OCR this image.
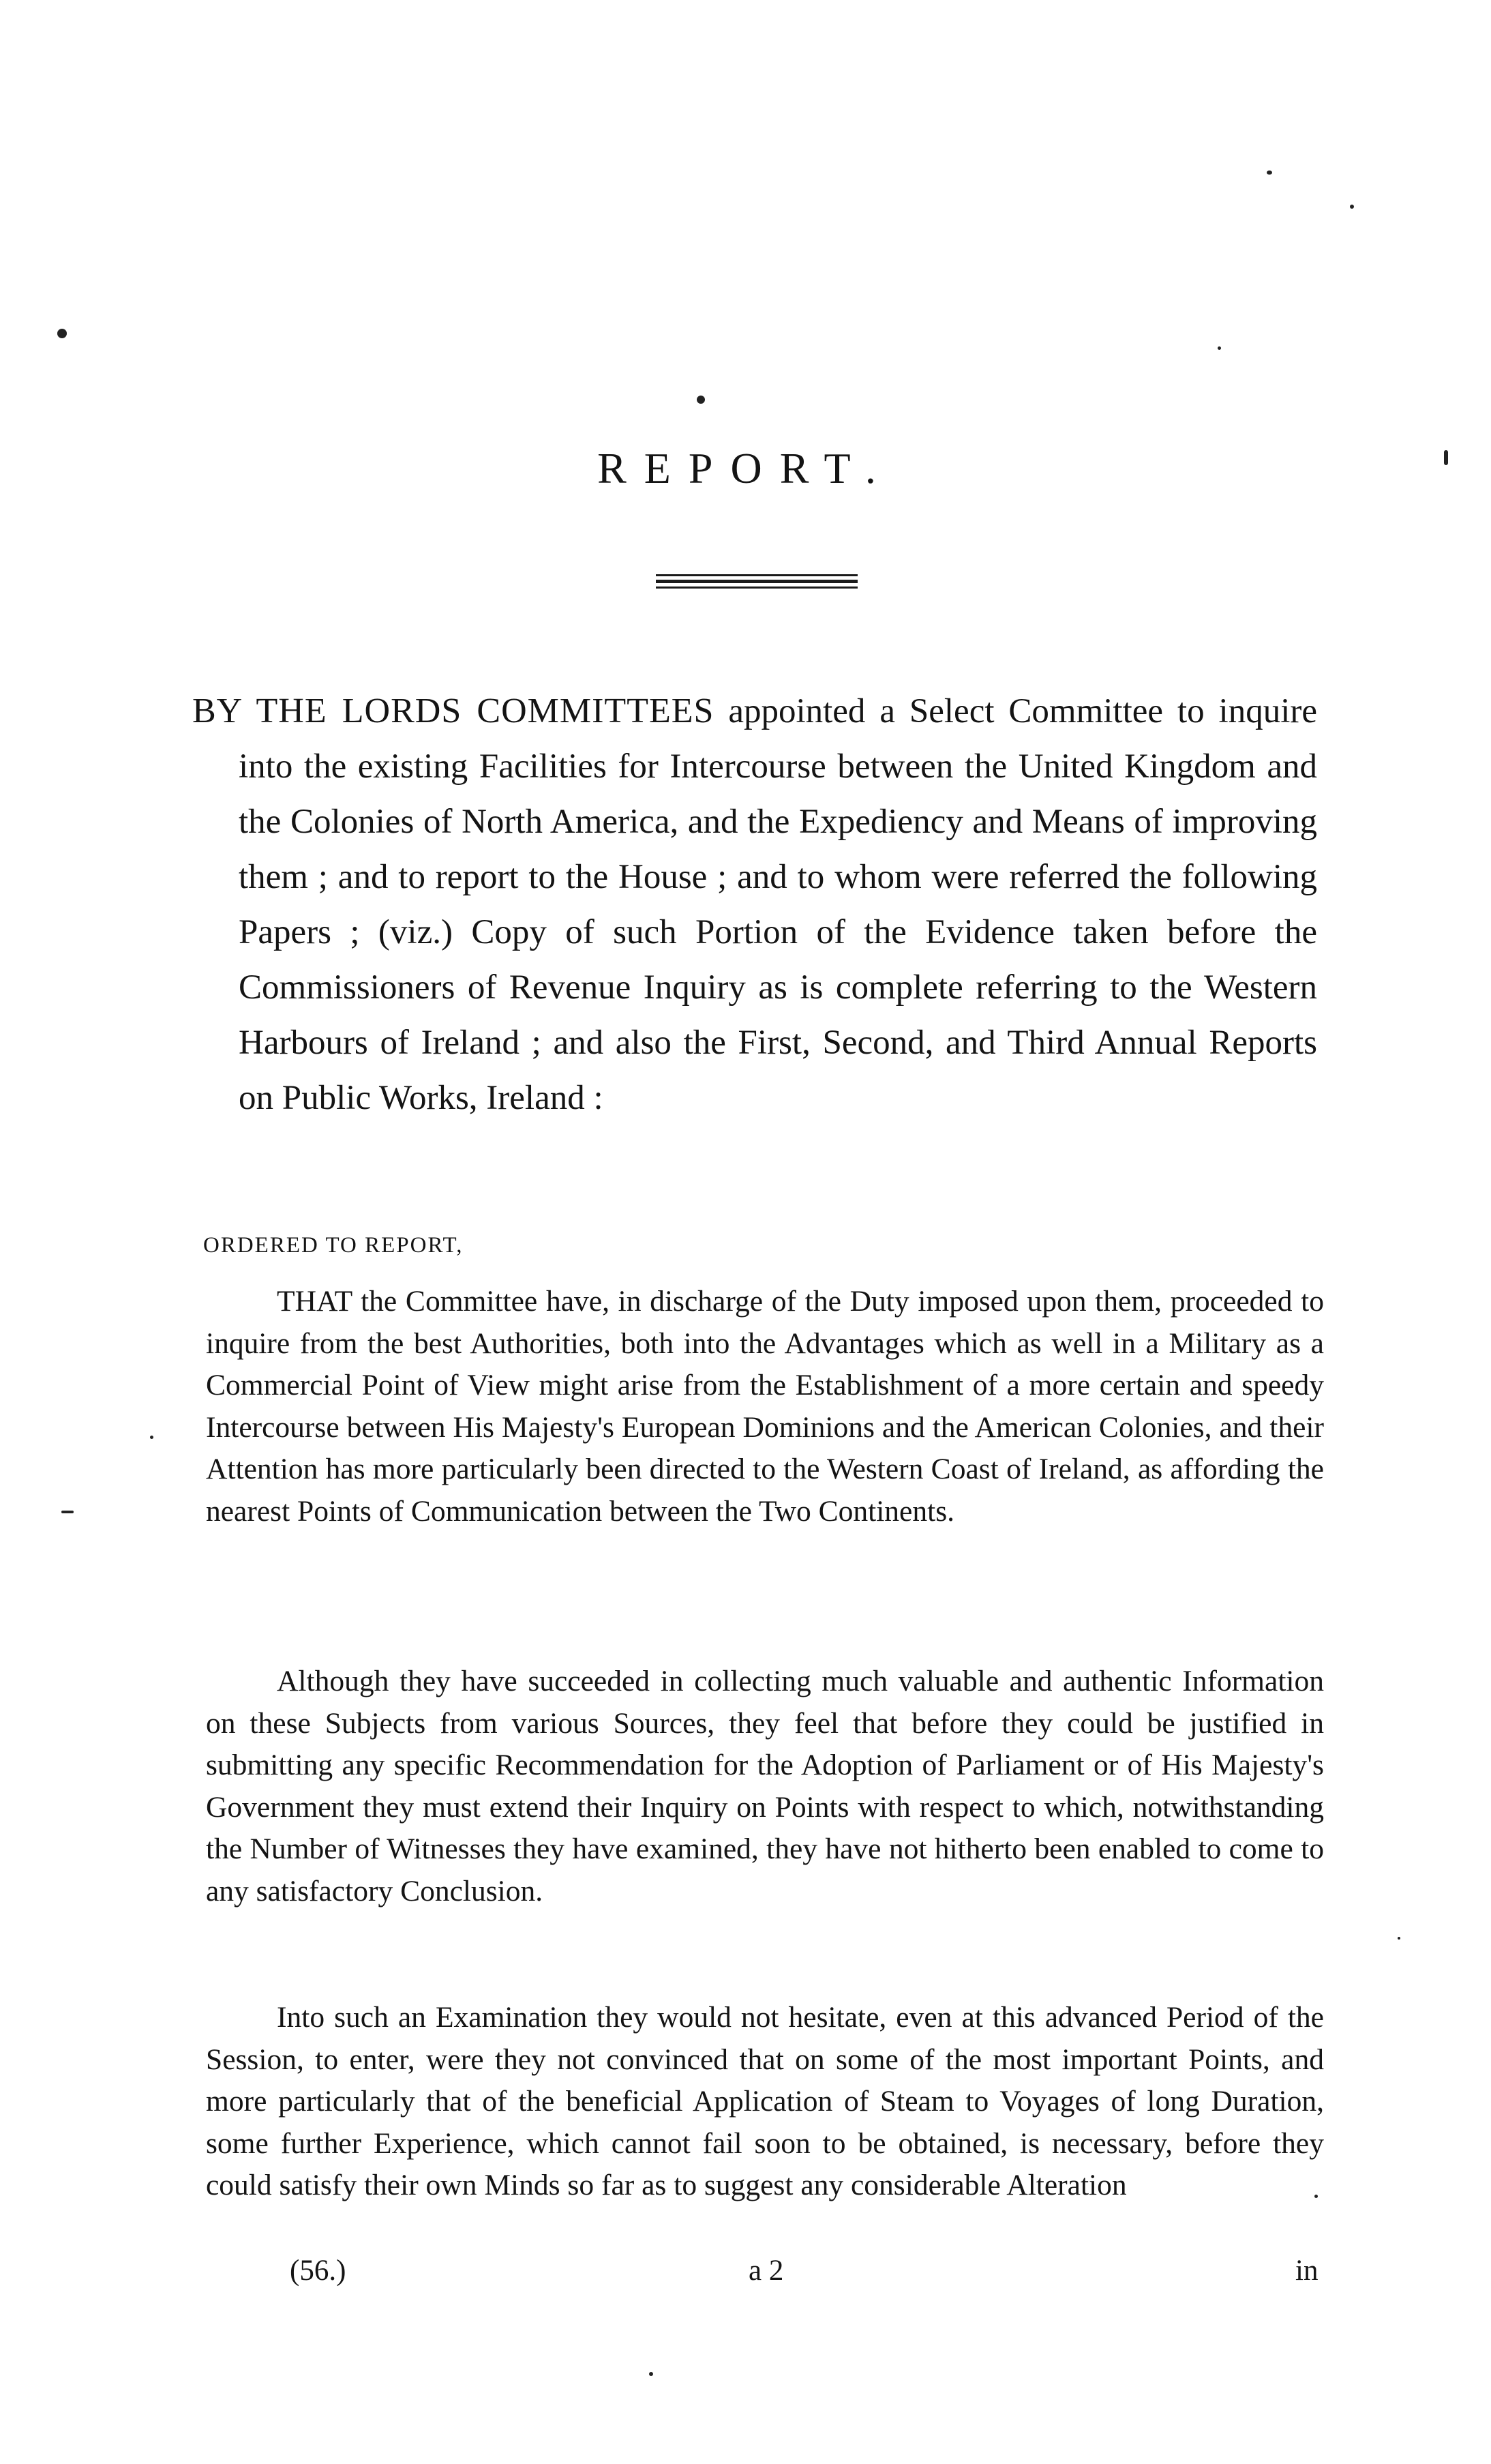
REPORT.
BY THE LORDS COMMITTEES appointed a Select Committee to inquire into the existing Facilities for Intercourse between the United Kingdom and the Colonies of North America, and the Expediency and Means of improving them ; and to report to the House ; and to whom were referred the following Papers ; (viz.) Copy of such Portion of the Evidence taken before the Commissioners of Revenue Inquiry as is complete referring to the Western Harbours of Ireland ; and also the First, Second, and Third Annual Reports on Public Works, Ireland :
ORDERED TO REPORT,
THAT the Committee have, in discharge of the Duty imposed upon them, proceeded to inquire from the best Authorities, both into the Advantages which as well in a Military as a Commercial Point of View might arise from the Establishment of a more certain and speedy Intercourse between His Majesty's European Dominions and the American Colonies, and their Attention has more particularly been directed to the Western Coast of Ireland, as affording the nearest Points of Communication between the Two Continents.
Although they have succeeded in collecting much valuable and authentic Information on these Subjects from various Sources, they feel that before they could be justified in submitting any specific Recommendation for the Adoption of Parliament or of His Majesty's Government they must extend their Inquiry on Points with respect to which, notwithstanding the Number of Witnesses they have examined, they have not hitherto been enabled to come to any satisfactory Conclusion.
Into such an Examination they would not hesitate, even at this advanced Period of the Session, to enter, were they not convinced that on some of the most important Points, and more particularly that of the beneficial Application of Steam to Voyages of long Duration, some further Experience, which cannot fail soon to be obtained, is necessary, before they could satisfy their own Minds so far as to suggest any considerable Alteration
(56.)	a 2	in
